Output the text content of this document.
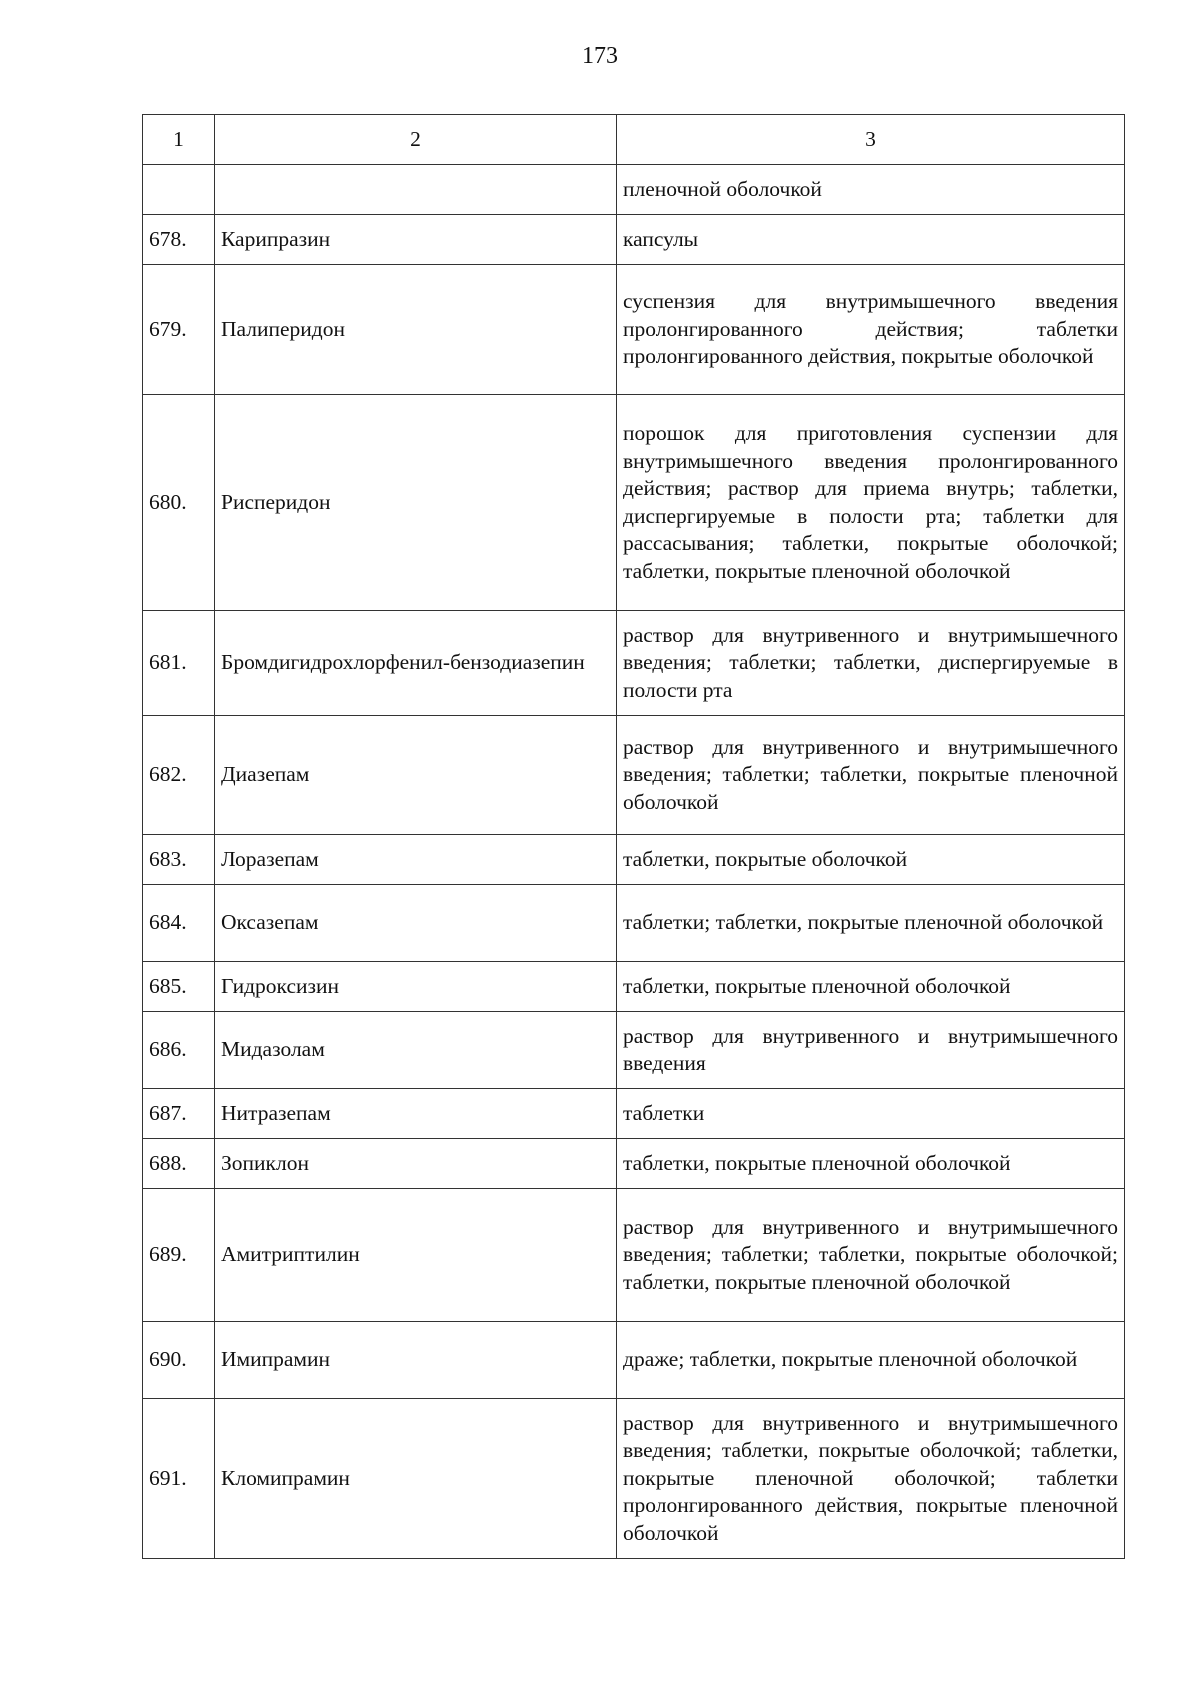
173
1	2	3
		пленочной оболочкой
678.	Карипразин	капсулы
679.	Палиперидон	суспензия для внутримышечного введения пролонгированного действия; таблетки пролонгированного действия, покрытые оболочкой
680.	Рисперидон	порошок для приготовления суспензии для внутримышечного введения пролонгированного действия; раствор для приема внутрь; таблетки, диспергируемые в полости рта; таблетки для рассасывания; таблетки, покрытые оболочкой; таблетки, покрытые пленочной оболочкой
681.	Бромдигидрохлорфенил-бензодиазепин	раствор для внутривенного и внутримышечного введения; таблетки; таблетки, диспергируемые в полости рта
682.	Диазепам	раствор для внутривенного и внутримышечного введения; таблетки; таблетки, покрытые пленочной оболочкой
683.	Лоразепам	таблетки, покрытые оболочкой
684.	Оксазепам	таблетки; таблетки, покрытые пленочной оболочкой
685.	Гидроксизин	таблетки, покрытые пленочной оболочкой
686.	Мидазолам	раствор для внутривенного и внутримышечного введения
687.	Нитразепам	таблетки
688.	Зопиклон	таблетки, покрытые пленочной оболочкой
689.	Амитриптилин	раствор для внутривенного и внутримышечного введения; таблетки; таблетки, покрытые оболочкой; таблетки, покрытые пленочной оболочкой
690.	Имипрамин	драже; таблетки, покрытые пленочной оболочкой
691.	Кломипрамин	раствор для внутривенного и внутримышечного введения; таблетки, покрытые оболочкой; таблетки, покрытые пленочной оболочкой; таблетки пролонгированного действия, покрытые пленочной оболочкой
